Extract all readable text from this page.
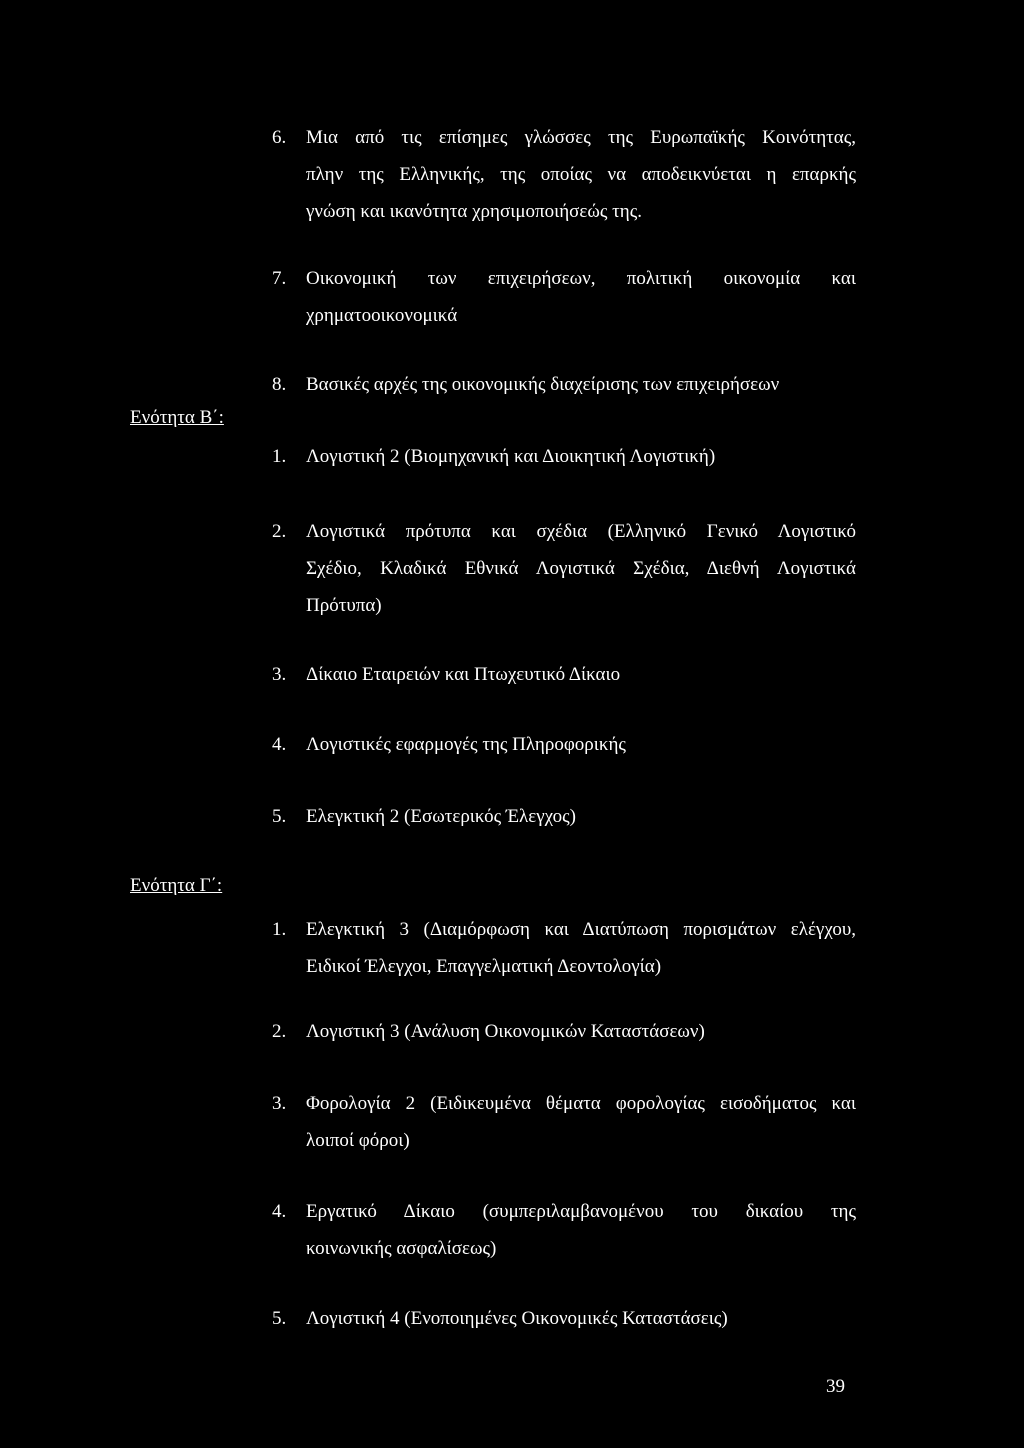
6.	Μια από τις επίσημες γλώσσες της Ευρωπαϊκής Κοινότητας,
πλην της Ελληνικής, της οποίας να αποδεικνύεται η επαρκής
γνώση και ικανότητα χρησιμοποιήσεώς της.
7.	Οικονομική των επιχειρήσεων, πολιτική οικονομία και
χρηματοοικονομικά
8.	Βασικές αρχές της οικονομικής διαχείρισης των επιχειρήσεων
Ενότητα Β΄:
1.	Λογιστική 2 (Βιομηχανική και Διοικητική Λογιστική)
2.	Λογιστικά πρότυπα και σχέδια (Ελληνικό Γενικό Λογιστικό
Σχέδιο, Κλαδικά Εθνικά Λογιστικά Σχέδια, Διεθνή Λογιστικά
Πρότυπα)
3.	Δίκαιο Εταιρειών και Πτωχευτικό Δίκαιο
4.	Λογιστικές εφαρμογές της Πληροφορικής
5.	Ελεγκτική 2 (Εσωτερικός Έλεγχος)
Ενότητα Γ΄:
1.	Ελεγκτική 3 (Διαμόρφωση και Διατύπωση πορισμάτων ελέγχου,
Ειδικοί Έλεγχοι, Επαγγελματική Δεοντολογία)
2.	Λογιστική 3 (Ανάλυση Οικονομικών Καταστάσεων)
3.	Φορολογία 2 (Ειδικευμένα θέματα φορολογίας εισοδήματος και
λοιποί φόροι)
4.	Εργατικό Δίκαιο (συμπεριλαμβανομένου του δικαίου της
κοινωνικής ασφαλίσεως)
5.	Λογιστική 4 (Ενοποιημένες Οικονομικές Καταστάσεις)
39
